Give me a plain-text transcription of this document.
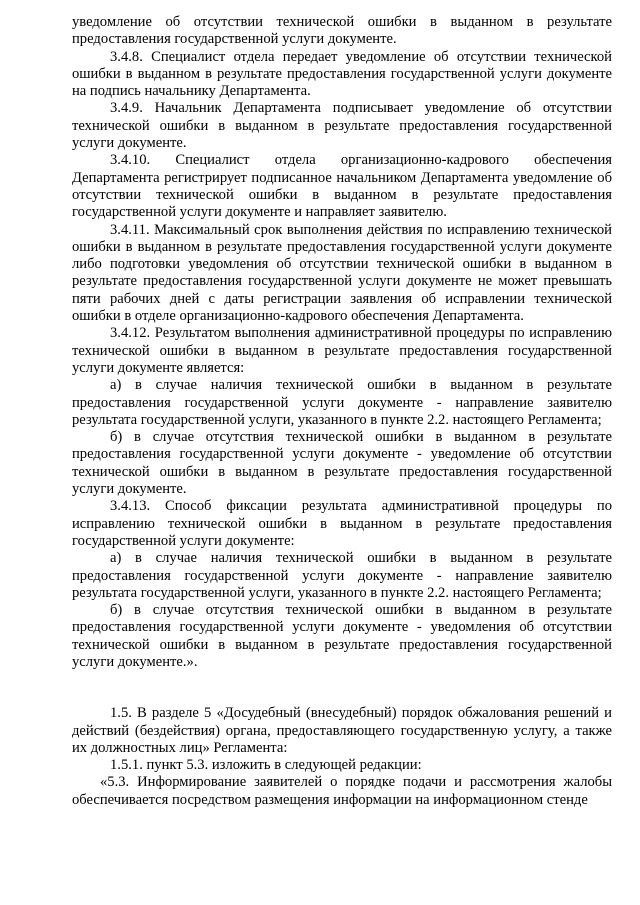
уведомление об отсутствии технической ошибки в выданном в результате предоставления государственной услуги документе.

3.4.8. Специалист отдела передает уведомление об отсутствии технической ошибки в выданном в результате предоставления государственной услуги документе на подпись начальнику Департамента.

3.4.9. Начальник Департамента подписывает уведомление об отсутствии технической ошибки в выданном в результате предоставления государственной услуги документе.

3.4.10. Специалист отдела организационно-кадрового обеспечения Департамента регистрирует подписанное начальником Департамента уведомление об отсутствии технической ошибки в выданном в результате предоставления государственной услуги документе и направляет заявителю.

3.4.11. Максимальный срок выполнения действия по исправлению технической ошибки в выданном в результате предоставления государственной услуги документе либо подготовки уведомления об отсутствии технической ошибки в выданном в результате предоставления государственной услуги документе не может превышать пяти рабочих дней с даты регистрации заявления об исправлении технической ошибки в отделе организационно-кадрового обеспечения Департамента.

3.4.12. Результатом выполнения административной процедуры по исправлению технической ошибки в выданном в результате предоставления государственной услуги документе является:

а) в случае наличия технической ошибки в выданном в результате предоставления государственной услуги документе - направление заявителю результата государственной услуги, указанного в пункте 2.2. настоящего Регламента;

б) в случае отсутствия технической ошибки в выданном в результате предоставления государственной услуги документе - уведомление об отсутствии технической ошибки в выданном в результате предоставления государственной услуги документе.

3.4.13. Способ фиксации результата административной процедуры по исправлению технической ошибки в выданном в результате предоставления государственной услуги документе:

а) в случае наличия технической ошибки в выданном в результате предоставления государственной услуги документе - направление заявителю результата государственной услуги, указанного в пункте 2.2. настоящего Регламента;

б) в случае отсутствия технической ошибки в выданном в результате предоставления государственной услуги документе - уведомления об отсутствии технической ошибки в выданном в результате предоставления государственной услуги документе.».

1.5. В разделе 5 «Досудебный (внесудебный) порядок обжалования решений и действий (бездействия) органа, предоставляющего государственную услугу, а также их должностных лиц» Регламента:

1.5.1. пункт 5.3. изложить в следующей редакции:

«5.3. Информирование заявителей о порядке подачи и рассмотрения жалобы обеспечивается посредством размещения информации на информационном стенде
